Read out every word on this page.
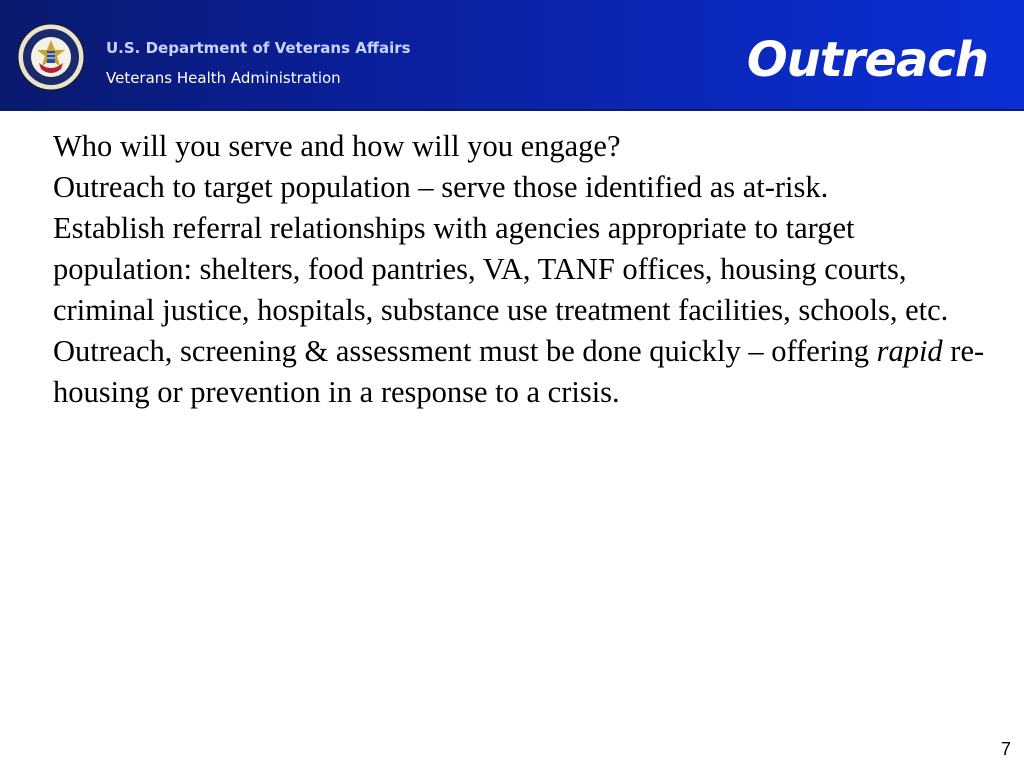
U.S. Department of Veterans Affairs
Veterans Health Administration	Outreach

Who will you serve and how will you engage?

Outreach to target population – serve those identified as at-risk.

Establish referral relationships with agencies appropriate to target population: shelters, food pantries, VA, TANF offices, housing courts, criminal justice, hospitals, substance use treatment facilities, schools, etc.

Outreach, screening & assessment must be done quickly – offering rapid re-housing or prevention in a response to a crisis.

7
